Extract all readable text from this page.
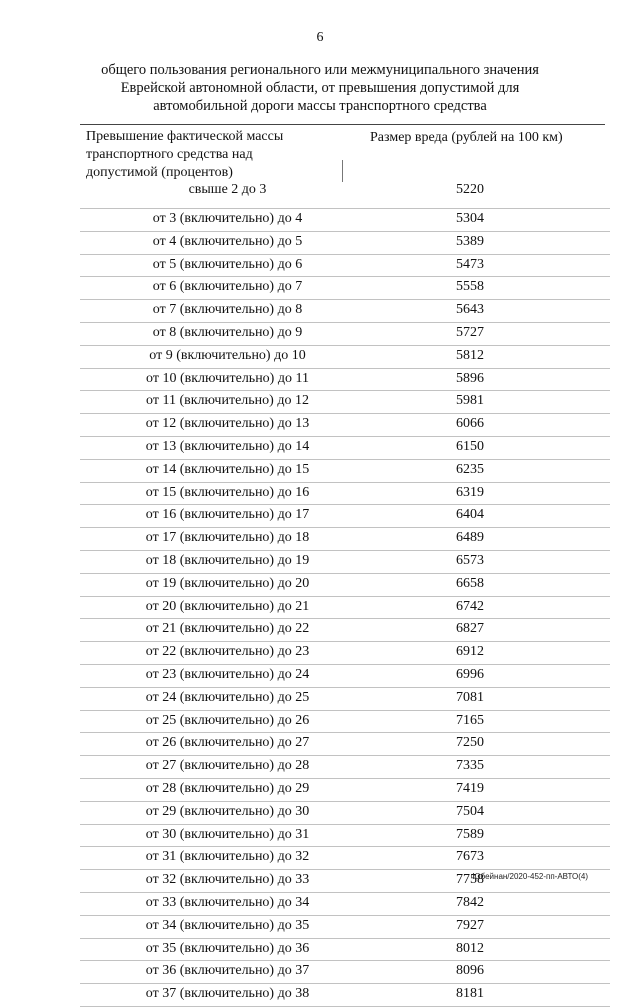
6
общего пользования регионального или межмуниципального значения
Еврейской автономной области, от превышения допустимой для
автомобильной дороги массы транспортного средства
Превышение фактической массы
транспортного средства над
допустимой (процентов)
Размер вреда (рублей на 100 км)
свыше 2 до 3	5220
от 3 (включительно) до 4	5304
от 4 (включительно) до 5	5389
от 5 (включительно) до 6	5473
от 6 (включительно) до 7	5558
от 7 (включительно) до 8	5643
от 8 (включительно) до 9	5727
от 9 (включительно) до 10	5812
от 10 (включительно) до 11	5896
от 11 (включительно) до 12	5981
от 12 (включительно) до 13	6066
от 13 (включительно) до 14	6150
от 14 (включительно) до 15	6235
от 15 (включительно) до 16	6319
от 16 (включительно) до 17	6404
от 17 (включительно) до 18	6489
от 18 (включительно) до 19	6573
от 19 (включительно) до 20	6658
от 20 (включительно) до 21	6742
от 21 (включительно) до 22	6827
от 22 (включительно) до 23	6912
от 23 (включительно) до 24	6996
от 24 (включительно) до 25	7081
от 25 (включительно) до 26	7165
от 26 (включительно) до 27	7250
от 27 (включительно) до 28	7335
от 28 (включительно) до 29	7419
от 29 (включительно) до 30	7504
от 30 (включительно) до 31	7589
от 31 (включительно) до 32	7673
от 32 (включительно) до 33	7758
от 33 (включительно) до 34	7842
от 34 (включительно) до 35	7927
от 35 (включительно) до 36	8012
от 36 (включительно) до 37	8096
от 37 (включительно) до 38	8181
Юбейнан/2020-452-пп-АВТО(4)
